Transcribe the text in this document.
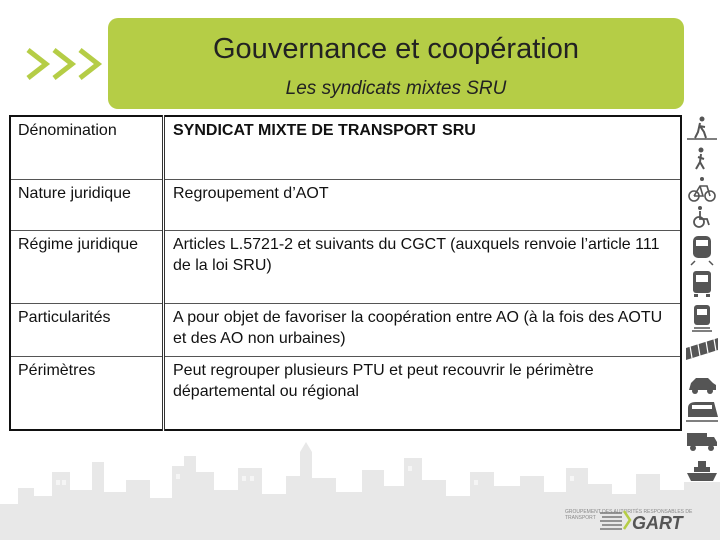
Gouvernance et coopération
Les syndicats mixtes SRU
Dénomination	SYNDICAT MIXTE DE TRANSPORT SRU
Nature juridique	Regroupement d’AOT
Régime juridique	Articles L.5721-2 et suivants du CGCT (auxquels renvoie l’article 111 de la loi SRU)
Particularités	A pour objet de favoriser la coopération entre AO (à la fois des AOTU et des AO non urbaines)
Périmètres	Peut regrouper plusieurs PTU et peut recouvrir le périmètre départemental ou régional
GROUPEMENT DES AUTORITÉS RESPONSABLES DE TRANSPORT	GART
